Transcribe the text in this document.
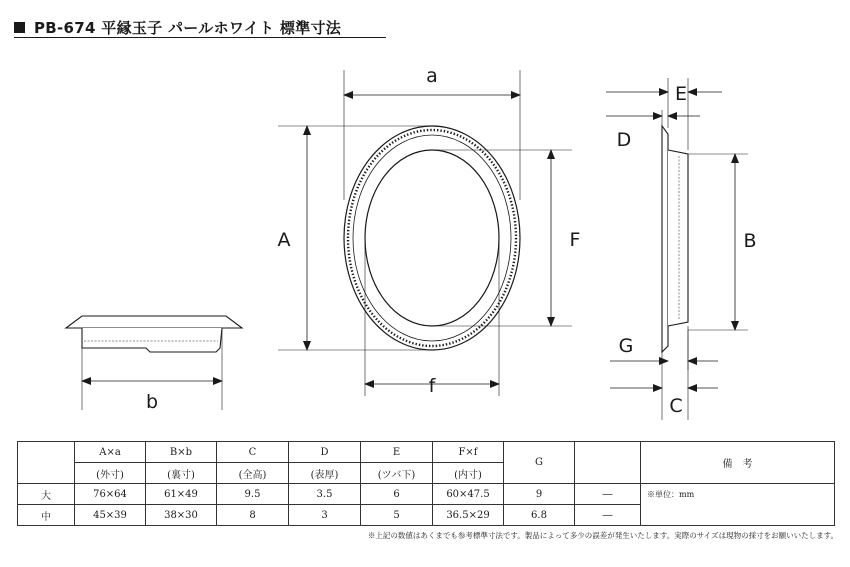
PB-674 平縁玉子 パールホワイト 標準寸法
a
A	F
f
b
E
D
B
G
C
	A×a	B×b	C	D	E	F×f	G		備　考
	(外寸)	(裏寸)	(全高)	(表厚)	(ツバ下)	(内寸)			
大	76×64	61×49	9.5	3.5	6	60×47.5	9	―	※単位：mm
中	45×39	38×30	8	3	5	36.5×29	6.8	―	
※上記の数値はあくまでも参考標準寸法です。製品によって多少の誤差が発生いたします。実際のサイズは現物の採寸をお願いいたします。
